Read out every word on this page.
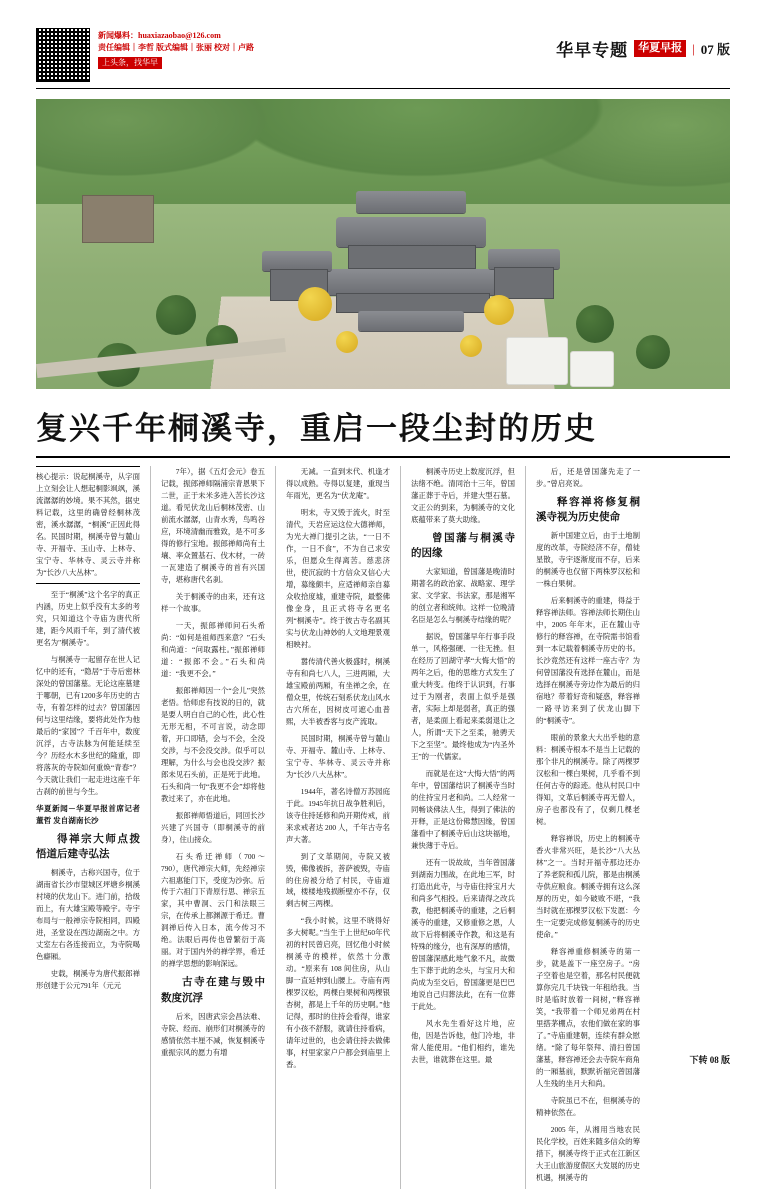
新闻爆料：huaxiazaobao@126.com
责任编辑｜李哲 版式编辑｜张丽 校对｜卢路
上头条，找华早
华早专题 华夏早报 | 07 版
复兴千年桐溪寺，重启一段尘封的历史

核心提示：说起桐溪寺，从字面上立刻会让人想起桐影飒飒，溪流潺潺的妙境。果不其然，据史料记载，这里的确曾经桐林茂密，溪水潺潺，“桐溪”正因此得名。民国时期，桐溪寺曾与麓山寺、开福寺、玉山寺、上林寺、宝宁寺、华林寺、灵云寺并称为“长沙八大丛林”。

至于“桐溪”这个名字的真正内涵，历史上似乎没有太多的考究，只知道这个寺庙为唐代所建，距今风雨千年，到了清代被更名为"桐溪寺"。

与桐溪寺一起留存在世人记忆中的还有，“隐居”于寺后密林深处的曾国藩墓。无论这座墓建于哪朝，已有1200多年历史的古寺，有着怎样的过去？曾国藩因何与这里结缘，要将此处作为他最后的“家园”？千百年中，数度沉浮，古寺法脉为何能延续至今？历经水木多世纪的隆重，即将落灰的寺院如何重焕“青春”？今天就让我们一起走进这座千年古刹的前世与今生。

华夏新闻－华夏早报首席记者 董哲 发自湖南长沙

得禅宗大师点拨悟道后建寺弘法

桐溪寺，古称兴国寺，位于湖南省长沙市望城区坪塘乡桐溪村境的伏龙山下。进门前，拾级而上，有大雄宝殿等殿宇。寺宇布局与一般禅宗寺院相同，四殿进，圣堂设在西边湖南之中。方丈室左右各连接而立，为寺院喝色癖厢。

史载，桐溪寺为唐代振郎禅形创建于公元791年（元元

7年），据《五灯会元》卷五记载，振郎禅师隔浦宗青恩果下二世，正于未米多进入苦长沙这道。看见伏龙山后桐林茂密、山前流水潺潺，山青水秀，鸟鸣谷应，环境清幽而雅致，是不可多得的修行宝地。振郎禅师尚有土壤、率众置基石、伐木材，一砖一瓦建造了桐溪寺的首有兴国寺，堪称唐代名刹。

关于桐溪寺的由来，还有这样一个故事。

一天，振郎禅师问石头希尚：“如何是祖师西来意？”石头和尚道：“问取露柱。”振郎禅师道：“振郎不会。”石头和尚道：“我更不会。”

振郎禅师因一个“会儿”突然老悟。恰师虑有技说的日的，就是要人明白自己的心性，此心性无形无相，不可言说，动念即着，开口即错，会与不会，全没交涉，与不会没交涉。似乎可以理解，为什么与会也没交涉？振郎未见石头前，正是死于此地。石头和尚一句“我更不会”却将他教过来了，亦在此地。

振郎禅师悟道后，同回长沙兴建了兴国寺（即桐溪寺的前身），住山接众。

石头希迁禅师（700～790），唐代禅宗大师，先经禅宗六祖惠能门下，受度为沙弥。后传于六祖门下青原行思、禅宗五家，其中曹洞、云门和法眼三宗，在传承上都渊源于希迁。曹洞禅后传入日本，流今传习不绝。法眼后再传也曾繁衍于高丽。对于国内外的禅学界，希迁的禅学思想的影响深远。

古寺在建与毁中数度沉浮

后米，因唐武宗会昌法难、寺院、经而、崩形们对桐溪寺的感情依然丰厘不减，恢复桐溪寺重振宗风的愿力有增

无减。一直到末代、机逢才得以成熟。寺得以复建，重现当年雨光，更名为“伏龙庵”。

明末，寺又毁于流火，时至清代，天岩应运这位大德禅师，为光大禅门提引之法，“一日不作，一日不食”，不为自己求安乐，但愿众生得离苦。慈悲济世，使沉寂的十方信众又信心大增，募缘颇丰，应适禅师亲自募众收拾度墟，重建寺院，最整佛像金身，且正式将寺名更名列“桐溪寺”。终于彼古寺名副其实与伏龙山神妙的人文地理景观相映衬。

嚣传清代善火极盛时，桐溪寺有和尚七八人，三进两厢，大雄宝殿前两厢，有坐禅之余，在僧众里，传统石刻系伏龙山风水古穴所在，因树皮可遮心血普熙，大半被香客与皮产流取。

民国时期，桐溪寺曾与麓山寺、开福寺、麓山寺、上林寺、宝宁寺、华林寺、灵云寺并称为“长沙八大丛林”。

1944年，著名诗僧万苏园庭于此。1945年抗日战争胜利后，该寺住持延修和尚开期传戒，前来求戒者达 200 人，千年古寺名声大著。

到了文革期间，寺院又被毁，佛像被拆，菩萨被毁，寺庙的住房被分给了村民，寺庙道域，楼楼地残损断壁亦不存，仅剩古树三两棵。

“我小时候，这里不晓得好多大树呢。”当生于上世纪60年代初的村民曾启亮，回忆他小时候桐溪寺的模样，依然十分激动。“原来有 108 间住房，从山脚一直延伸到山腰上。寺庙有两棵罗汉松，两棵白果树和两棵银杏树，都是上千年的历史啊。”他记得，那时的住持会看得，谁家有小孩不舒服，就请住持看病，请年过世的，也会请住持去做佛事，村里家家户户都会到庙里上香。

桐溪寺历史上数度沉浮，但法绪不绝。清同治十三年，曾国藩正葬于寺后，并建大型石墓。文正公的到来，为桐溪寺的文化底蕴带来了莫大助缘。

曾国藩与桐溪寺的因缘

大家知道，曾国藩是晚清时期著名的政治家、战略家、理学家、文学家、书法家，那是湘军的创立者和统帅。这样一位晚清名臣是怎么与桐溪寺结缘的呢？

据说，曾国藩早年行事手段单一，风格强硬、一往无挫。但在经历了回湖守孝“大悔大悟”的两年之后，他的思维方式发生了重大转变。他终于认识到，行事过于为刚者，表面上似乎是强者，实际上却是弱者，真正的强者，是柔面上看起来柔弱退让之人，所谓“天下之至柔，驰骋天下之至坚”。最终他成为“内圣外王”的一代儒家。

而就是在这“大悔大悟”的两年中，曾国藩结识了桐溪寺当时的住持宝月老和尚。二人经常一同畅谈佛法人生，得到了佛法的开释，正是这份佛慧因缘，曾国藩看中了桐溪寺后山这块福地，兼快薄于寺后。

还有一说故故，当年曾国藩到湖南力围战，在此地三军，时打造出此寺，与寺庙住持宝月大和尚多气相投。后来请得之改兵教，他把桐溪寺的重建，之后桐溪寺的重建，又修重修之恩，人故下后将桐溪寺作教，和这是有特殊的缘分，也有深厚的感情，曾国藩深感此地气象不凡，故微生下葬于此的念头，与宝月大和尚成为至交后，曾国藩更是巴巴地说自己归葬法此，在有一位葬于此处。

风水先生看好这片地，应他，因是告诉他，他门冷地，非常人能使用。“他们相约，谁先去世，谁就葬在这里。最

后，还是曾国藩先走了一步。”曾启亮说。

释容禅将修复桐溪寺视为历史使命

新中国建立后，由于土地制度的改革，寺院经济不存，僧徒星散，寺宇逐渐度而不存，后来的桐溪寺也仅留下两株罗汉松和一株白果树。

后来桐溪寺的重建，得益于释容禅法师。容禅法师长期住山中，2005 年年末，正在麓山寺修行的释容禅，在寺院需书馆看到一本记载着桐溪寺历史的书。长沙竟然还有这样一座古寺？为何曾国藩没有选择在麓山，而是选择在桐溪寺旁边作为最后的归宿地？带着好奇和疑惑，释容禅一路寻访来到了伏龙山脚下的“桐溪寺”。

眼前的景象大大出乎他的意料：桐溪寺根本不是当上记载的那个非凡的桐溪寺。除了两棵罗汉松和一棵白果树，几乎看不到任何古寺的踪迹。他从村民口中得知，文革后桐溪寺再无僧人，房子也都没有了，仅剩几棵老树。

释容禅说，历史上的桐溪寺香火非常兴旺，是长沙“八大丛林”之一。当时开福寺那边还办了养老院和孤儿院，都是由桐溪寺供应粮食。桐溪寺拥有这么深厚的历史，如今破败不堪，“我当时就在那棵罗汉松下发愿：今生一定要完成修复桐溪寺的历史使命。”

释容禅重修桐溪寺的第一步，就是盖下一座空房子。“房子空着也是空着，那名村民便就算你完几千块钱一年租给我。当时是临时放着一间树，”释容禅笑，“我带着一个师兄弟两在村里搭茅棚点，农他们做在家的事了。”寺庙重建朝，连续有群众慰绪。“除了每年祭拜、清扫曾国藩墓，释容禅还会去寺院车商角的一厢墓前，默默祈福完曾国藩人生残的坐月大和尚。

寺院虽已不在，但桐溪寺的精神依然在。

2005 年，从湘用当地农民民化学校，百姓来随多信众的筹措下，桐溪寺终于正式在江新区大王山旅游度假区大发展的历史机遇，桐溪寺的

下转 08 版
